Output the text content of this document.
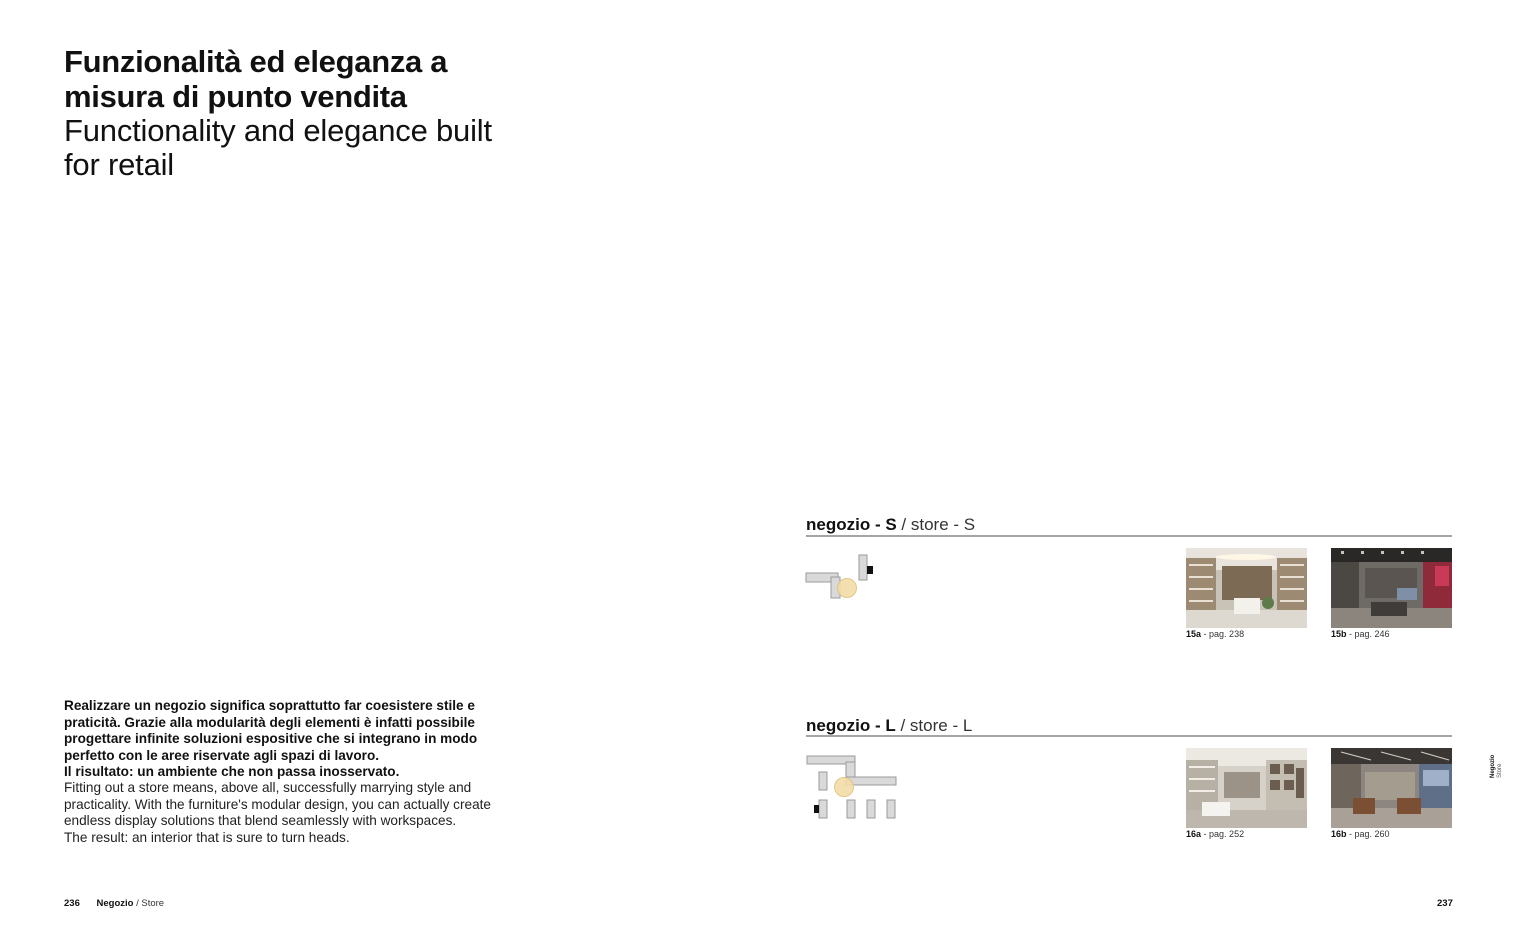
Funzionalità ed eleganza a misura di punto vendita
Functionality and elegance built for retail

Realizzare un negozio significa soprattutto far coesistere stile e praticità. Grazie alla modularità degli elementi è infatti possibile progettare infinite soluzioni espositive che si integrano in modo perfetto con le aree riservate agli spazi di lavoro.
Il risultato: un ambiente che non passa inosservato.

Fitting out a store means, above all, successfully marrying style and practicality. With the furniture's modular design, you can actually create endless display solutions that blend seamlessly with workspaces.
The result: an interior that is sure to turn heads.

236 Negozio / Store
negozio - S / store - S
15a - pag. 238	15b - pag. 246
negozio - L / store - L
16a - pag. 252	16b - pag. 260
Negozio Store
237
